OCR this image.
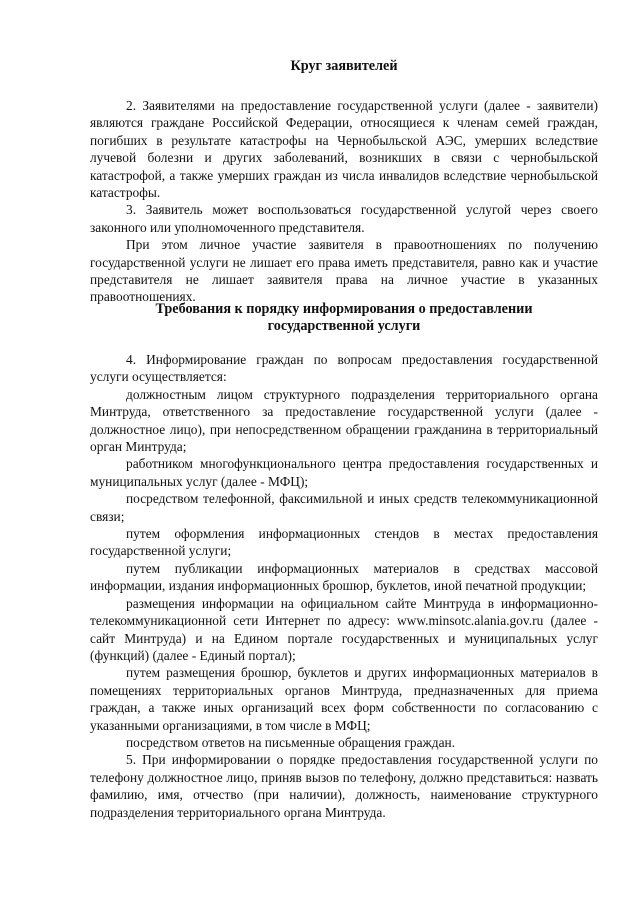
Круг заявителей

2. Заявителями на предоставление государственной услуги (далее - заявители) являются граждане Российской Федерации, относящиеся к членам семей граждан, погибших в результате катастрофы на Чернобыльской АЭС, умерших вследствие лучевой болезни и других заболеваний, возникших в связи с чернобыльской катастрофой, а также умерших граждан из числа инвалидов вследствие чернобыльской катастрофы.

3. Заявитель может воспользоваться государственной услугой через своего законного или уполномоченного представителя.

При этом личное участие заявителя в правоотношениях по получению государственной услуги не лишает его права иметь представителя, равно как и участие представителя не лишает заявителя права на личное участие в указанных правоотношениях.

Требования к порядку информирования о предоставлении

государственной услуги

4. Информирование граждан по вопросам предоставления государственной услуги осуществляется:

должностным лицом структурного подразделения территориального органа Минтруда, ответственного за предоставление государственной услуги (далее - должностное лицо), при непосредственном обращении гражданина в территориальный орган Минтруда;

работником многофункционального центра предоставления государственных и муниципальных услуг (далее - МФЦ);

посредством телефонной, факсимильной и иных средств телекоммуникационной связи;

путем оформления информационных стендов в местах предоставления государственной услуги;

путем публикации информационных материалов в средствах массовой информации, издания информационных брошюр, буклетов, иной печатной продукции;

размещения информации на официальном сайте Минтруда в информационно-телекоммуникационной сети Интернет по адресу: www.minsotc.alania.gov.ru (далее - сайт Минтруда) и на Едином портале государственных и муниципальных услуг (функций) (далее - Единый портал);

путем размещения брошюр, буклетов и других информационных материалов в помещениях территориальных органов Минтруда, предназначенных для приема граждан, а также иных организаций всех форм собственности по согласованию с указанными организациями, в том числе в МФЦ;

посредством ответов на письменные обращения граждан.

5. При информировании о порядке предоставления государственной услуги по телефону должностное лицо, приняв вызов по телефону, должно представиться: назвать фамилию, имя, отчество (при наличии), должность, наименование структурного подразделения территориального органа Минтруда.
